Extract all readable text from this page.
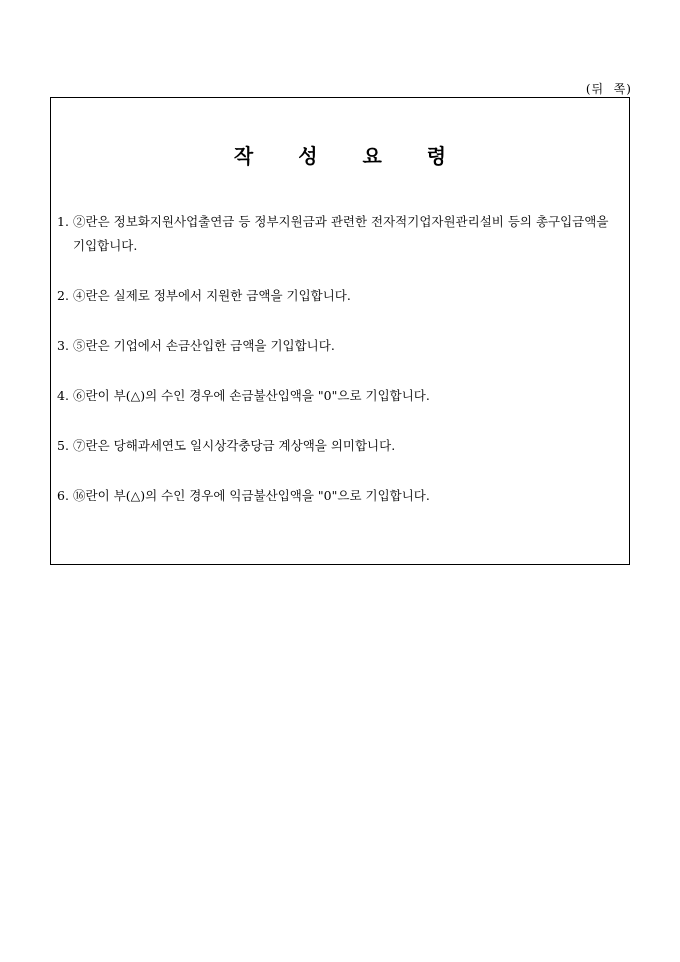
(뒤  쪽)
작 성 요 령
1. ②란은 정보화지원사업출연금 등 정부지원금과 관련한 전자적기업자원관리설비 등의 총구입금액을 기입합니다.
2. ④란은 실제로 정부에서 지원한 금액을 기입합니다.
3. ⑤란은 기업에서 손금산입한 금액을 기입합니다.
4. ⑥란이 부(△)의 수인 경우에 손금불산입액을 "0"으로 기입합니다.
5. ⑦란은 당해과세연도 일시상각충당금 계상액을 의미합니다.
6. ⑯란이 부(△)의 수인 경우에 익금불산입액을 "0"으로 기입합니다.
